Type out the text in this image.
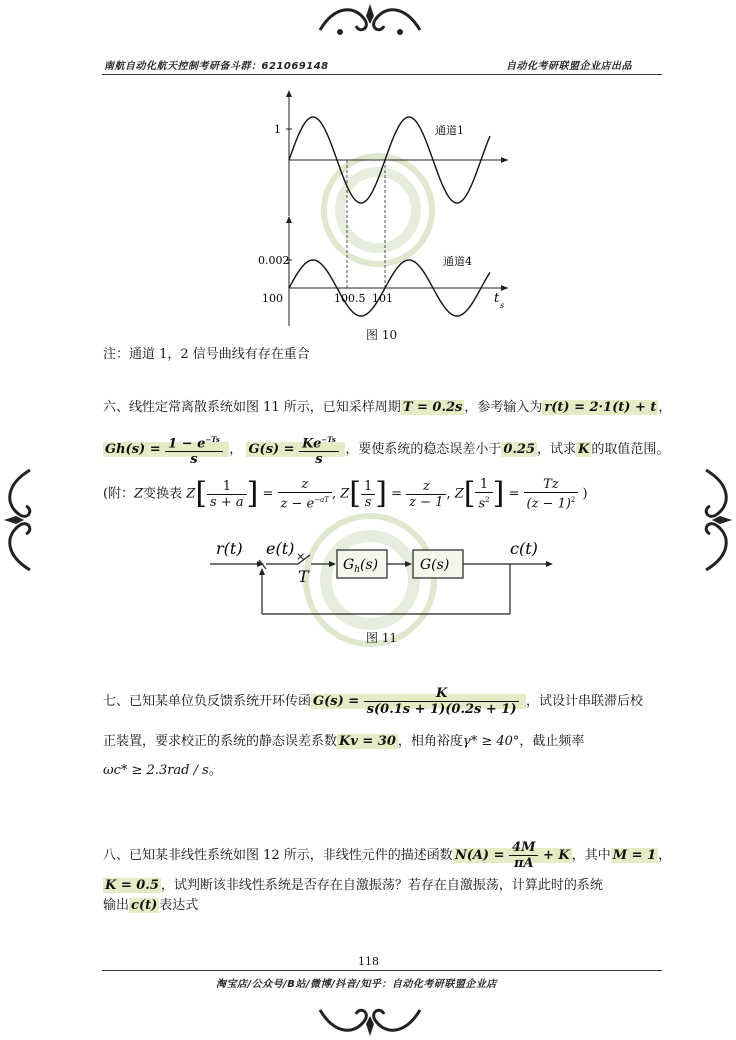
南航自动化航天控制考研备斗群：621069148	自动化考研联盟企业店出品
1	通道1
0.002	通道4
100	100.5 101	t s
图 10
注：通道 1，2 信号曲线有存在重合
六、线性定常离散系统如图 11 所示，已知采样周期 T = 0.2s ，参考输入为 r(t) = 2·1(t) + t ，
$Gh(s) = \frac{1 - e^{-Ts}}{s}$ ， $G(s) = \frac{Ke^{-Ts}}{s}$ ，要使系统的稳态误差小于 0.25 ，试求 K 的取值范围。
(附：Z变换表 $Z[ \frac{1}{s + a}$ ] = $\frac{z}{z - e^{-aT}}$ , $Z[ \frac{1}{s}$ ] = $\frac{z}{z - 1}$ , $Z[ \frac{1}{s^2}$ ] = $\frac{Tz}{(z - 1)^2}$ )
×
r(t) e(t)
T
$G_h(s)$	G(s)
c(t)
图 11
七、已知某单位负反馈系统开环传函 $G(s) = \frac{K}{s(0.1s + 1)(0.2s + 1)}$ ，试设计串联滞后校
正装置，要求校正的系统的静态误差系数 Kv = 30 ，相角裕度γ* ≥ 40°，截止频率
ωc* ≥ 2.3rad / s。
八、已知某非线性系统如图 12 所示，非线性元件的描述函数 $N(A) = \frac{4M}{\pi A} + K$ ，其中 M = 1 ，
K = 0.5 ，试判断该非线性系统是否存在自激振荡？若存在自激振荡，计算此时的系统
输出 c(t) 表达式
118
淘宝店/公众号/B站/微博/抖音/知乎：自动化考研联盟企业店
